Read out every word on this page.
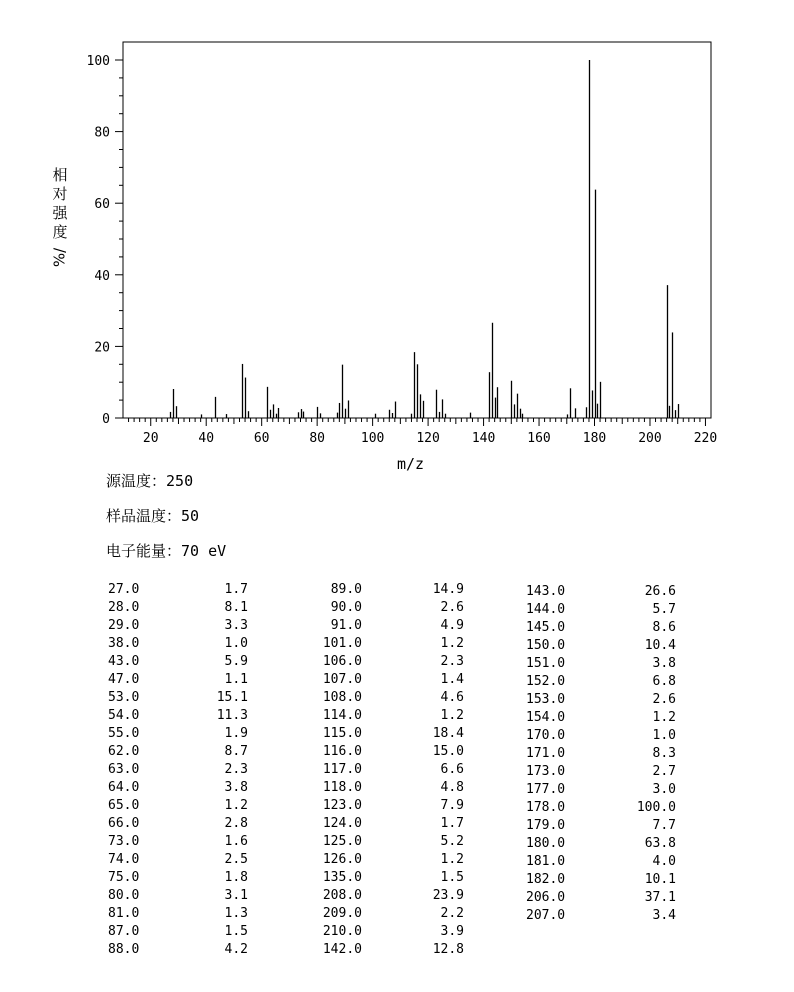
20	40	60	80	100 120 140 160 180 200 220
0
20
40
60
80
100
相
对
强
度
%/
m/z
源温度：250
样品温度：50
电子能量：70 eV
27.0	1.7
28.0	8.1
29.0	3.3
38.0	1.0
43.0	5.9
47.0	1.1
53.0	15.1
54.0	11.3
55.0	1.9
62.0	8.7
63.0	2.3
64.0	3.8
65.0	1.2
66.0	2.8
73.0	1.6
74.0	2.5
75.0	1.8
80.0	3.1
81.0	1.3
87.0	1.5
88.0	4.2
89.0	14.9
90.0	2.6
91.0	4.9
101.0	1.2
106.0	2.3
107.0	1.4
108.0	4.6
114.0	1.2
115.0	18.4
116.0	15.0
117.0	6.6
118.0	4.8
123.0	7.9
124.0	1.7
125.0	5.2
126.0	1.2
135.0	1.5
208.0	23.9
209.0	2.2
210.0	3.9
142.0	12.8
143.0	26.6
144.0	5.7
145.0	8.6
150.0	10.4
151.0	3.8
152.0	6.8
153.0	2.6
154.0	1.2
170.0	1.0
171.0	8.3
173.0	2.7
177.0	3.0
178.0	100.0
179.0	7.7
180.0	63.8
181.0	4.0
182.0	10.1
206.0	37.1
207.0	3.4
